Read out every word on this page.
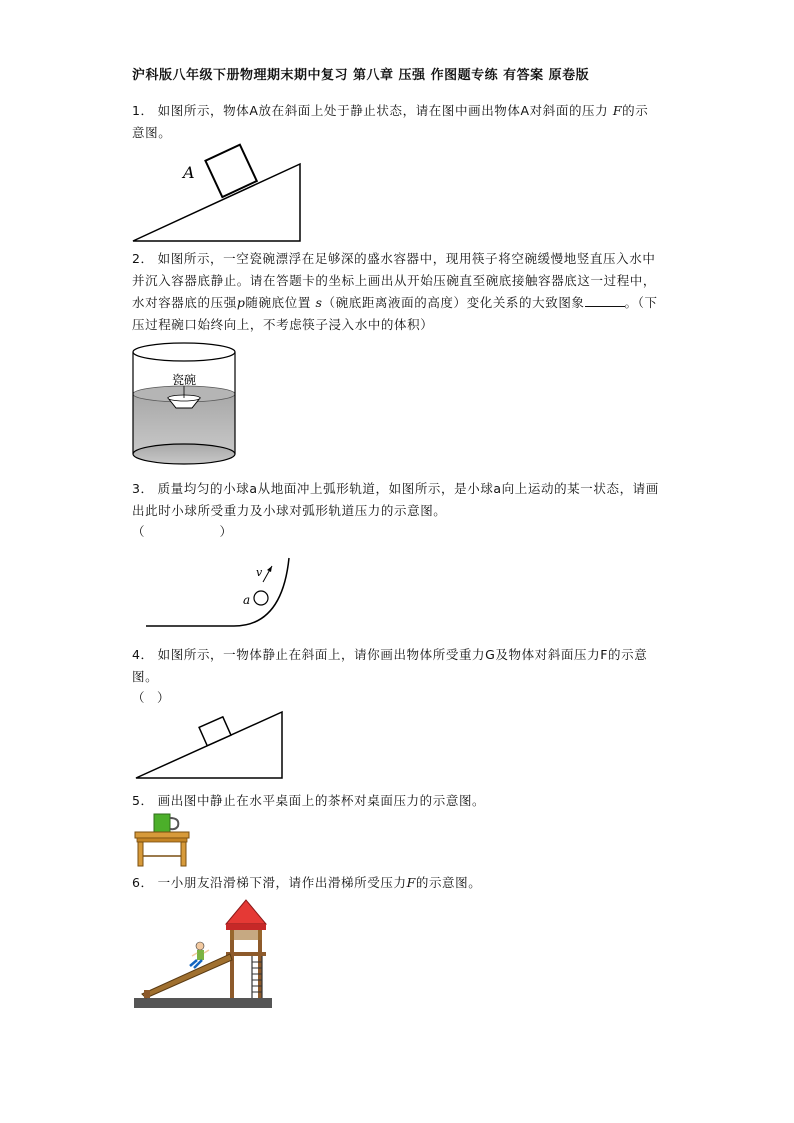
沪科版八年级下册物理期末期中复习 第八章 压强 作图题专练 有答案 原卷版
1． 如图所示，物体A放在斜面上处于静止状态，请在图中画出物体A对斜面的压力 F的示意图。
A
2． 如图所示，一空瓷碗漂浮在足够深的盛水容器中，现用筷子将空碗缓慢地竖直压入水中并沉入容器底静止。请在答题卡的坐标上画出从开始压碗直至碗底接触容器底这一过程中，水对容器底的压强p随碗底位置 s（碗底距离液面的高度）变化关系的大致图象	。（下压过程碗口始终向上，不考虑筷子浸入水中的体积）
瓷碗
3． 质量均匀的小球a从地面冲上弧形轨道，如图所示，是小球a向上运动的某一状态，请画出此时小球所受重力及小球对弧形轨道压力的示意图。
（　　　　　　）
v
a
4． 如图所示，一物体静止在斜面上，请你画出物体所受重力G及物体对斜面压力F的示意图。
（　）
5． 画出图中静止在水平桌面上的茶杯对桌面压力的示意图。
6． 一小朋友沿滑梯下滑，请作出滑梯所受压力F的示意图。
